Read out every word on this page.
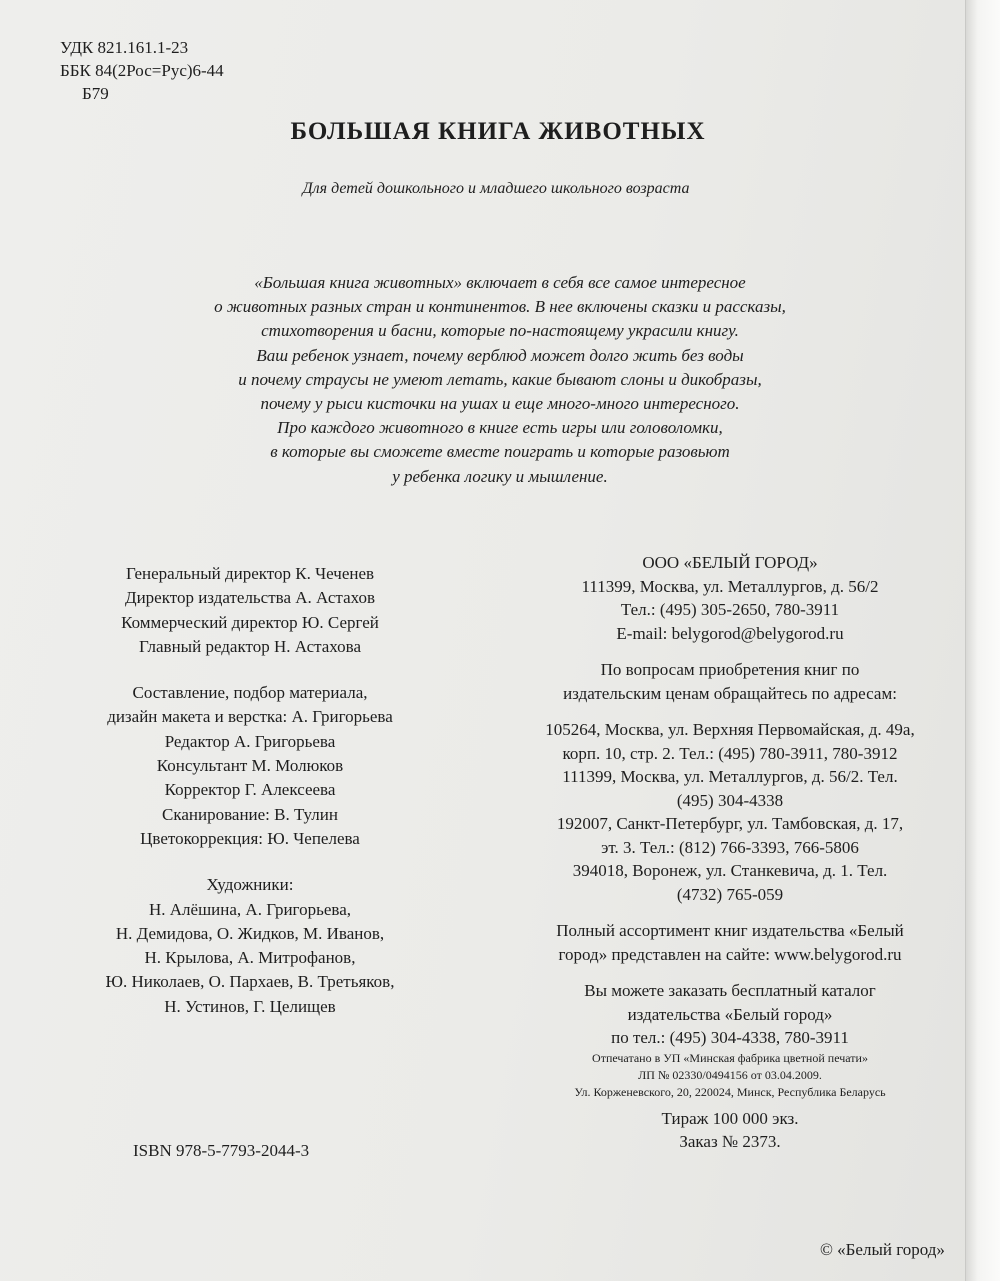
УДК 821.161.1-23
ББК 84(2Рос=Рус)6-44
Б79
БОЛЬШАЯ КНИГА ЖИВОТНЫХ
Для детей дошкольного и младшего школьного возраста
«Большая книга животных» включает в себя все самое интересное
о животных разных стран и континентов. В нее включены сказки и рассказы,
стихотворения и басни, которые по-настоящему украсили книгу.
Ваш ребенок узнает, почему верблюд может долго жить без воды
и почему страусы не умеют летать, какие бывают слоны и дикобразы,
почему у рыси кисточки на ушах и еще много-много интересного.
Про каждого животного в книге есть игры или головоломки,
в которые вы сможете вместе поиграть и которые разовьют
у ребенка логику и мышление.
Генеральный директор К. Чеченев
Директор издательства А. Астахов
Коммерческий директор Ю. Сергей
Главный редактор Н. Астахова
Составление, подбор материала,
дизайн макета и верстка: А. Григорьева
Редактор А. Григорьева
Консультант М. Молюков
Корректор Г. Алексеева
Сканирование: В. Тулин
Цветокоррекция: Ю. Чепелева
Художники:
Н. Алёшина, А. Григорьева,
Н. Демидова, О. Жидков, М. Иванов,
Н. Крылова, А. Митрофанов,
Ю. Николаев, О. Пархаев, В. Третьяков,
Н. Устинов, Г. Целищев
ISBN 978-5-7793-2044-3
ООО «БЕЛЫЙ ГОРОД»
111399, Москва, ул. Металлургов, д. 56/2
Тел.: (495) 305-2650, 780-3911
E-mail: belygorod@belygorod.ru
По вопросам приобретения книг по
издательским ценам обращайтесь по адресам:
105264, Москва, ул. Верхняя Первомайская, д. 49а,
корп. 10, стр. 2. Тел.: (495) 780-3911, 780-3912
111399, Москва, ул. Металлургов, д. 56/2. Тел.
(495) 304-4338
192007, Санкт-Петербург, ул. Тамбовская, д. 17,
эт. 3. Тел.: (812) 766-3393, 766-5806
394018, Воронеж, ул. Станкевича, д. 1. Тел.
(4732) 765-059
Полный ассортимент книг издательства «Белый
город» представлен на сайте: www.belygorod.ru
Вы можете заказать бесплатный каталог
издательства «Белый город»
по тел.: (495) 304-4338, 780-3911
Отпечатано в УП «Минская фабрика цветной печати»
ЛП № 02330/0494156 от 03.04.2009.
Ул. Корженевского, 20, 220024, Минск, Республика Беларусь
Тираж 100 000 экз.
Заказ № 2373.
© «Белый город»
